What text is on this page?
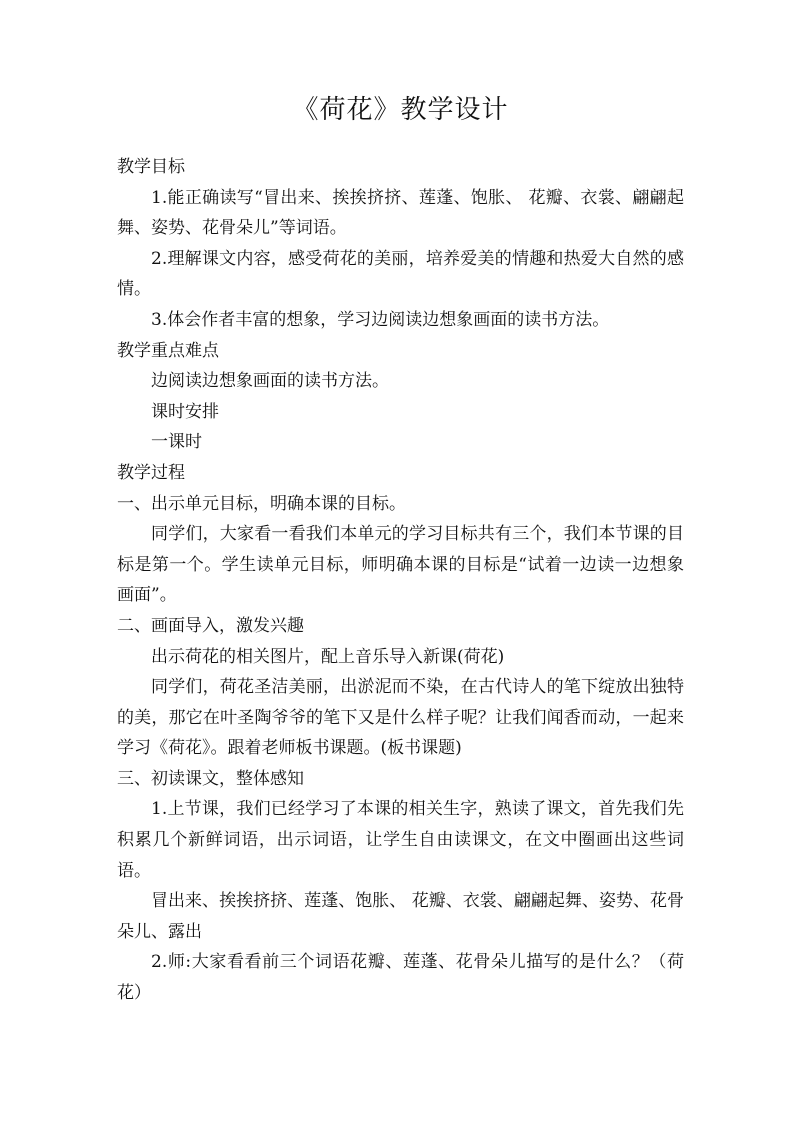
《荷花》教学设计

教学目标

1.能正确读写“冒出来、挨挨挤挤、莲蓬、饱胀、 花瓣、衣裳、翩翩起舞、姿势、花骨朵儿”等词语。

2.理解课文内容，感受荷花的美丽，培养爱美的情趣和热爱大自然的感情。

3.体会作者丰富的想象，学习边阅读边想象画面的读书方法。

教学重点难点

边阅读边想象画面的读书方法。

课时安排

一课时

教学过程

一、出示单元目标，明确本课的目标。

同学们，大家看一看我们本单元的学习目标共有三个，我们本节课的目标是第一个。学生读单元目标，师明确本课的目标是“试着一边读一边想象画面”。

二、画面导入，激发兴趣

出示荷花的相关图片，配上音乐导入新课(荷花)

同学们，荷花圣洁美丽，出淤泥而不染，在古代诗人的笔下绽放出独特的美，那它在叶圣陶爷爷的笔下又是什么样子呢？让我们闻香而动，一起来学习《荷花》。跟着老师板书课题。(板书课题)

三、初读课文，整体感知

1.上节课，我们已经学习了本课的相关生字，熟读了课文，首先我们先积累几个新鲜词语，出示词语，让学生自由读课文，在文中圈画出这些词语。

冒出来、挨挨挤挤、莲蓬、饱胀、 花瓣、衣裳、翩翩起舞、姿势、花骨朵儿、露出

2.师:大家看看前三个词语花瓣、莲蓬、花骨朵儿描写的是什么？（荷花）
